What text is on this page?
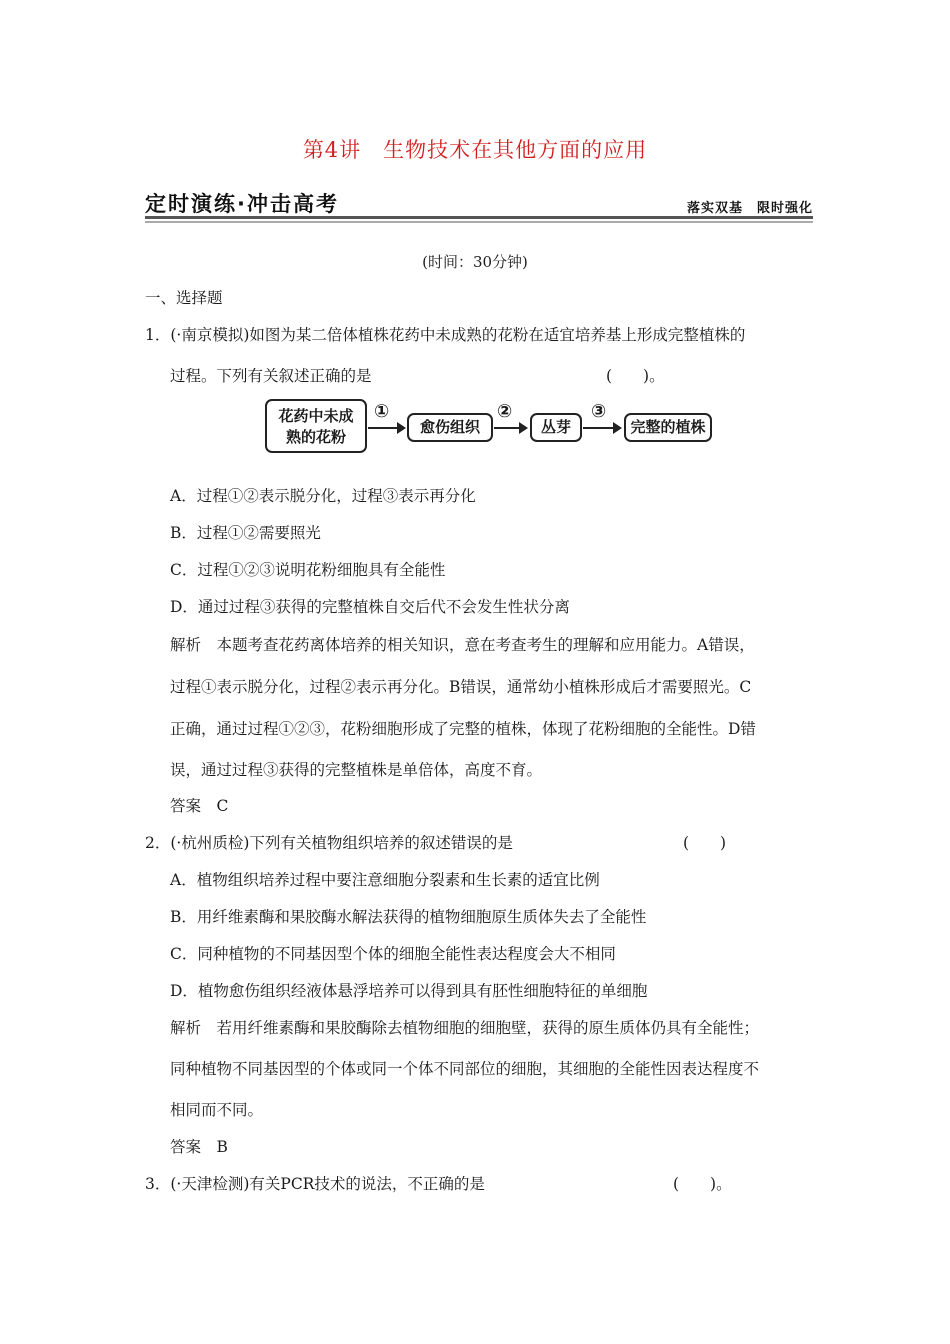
第4讲　生物技术在其他方面的应用
定时演练·冲击高考	落实双基　限时强化
(时间：30分钟)
一、选择题
1．(·南京模拟)如图为某二倍体植株花药中未成熟的花粉在适宜培养基上形成完整植株的
过程。下列有关叙述正确的是	(　　)。
花药中未成
熟的花粉
①
愈伤组织
②
丛芽
③
完整的植株
A．过程①②表示脱分化，过程③表示再分化
B．过程①②需要照光
C．过程①②③说明花粉细胞具有全能性
D．通过过程③获得的完整植株自交后代不会发生性状分离
解析　本题考查花药离体培养的相关知识，意在考查考生的理解和应用能力。A错误，
过程①表示脱分化，过程②表示再分化。B错误，通常幼小植株形成后才需要照光。C
正确，通过过程①②③，花粉细胞形成了完整的植株，体现了花粉细胞的全能性。D错
误，通过过程③获得的完整植株是单倍体，高度不育。
答案　C
2．(·杭州质检)下列有关植物组织培养的叙述错误的是	(　　)
A．植物组织培养过程中要注意细胞分裂素和生长素的适宜比例
B．用纤维素酶和果胶酶水解法获得的植物细胞原生质体失去了全能性
C．同种植物的不同基因型个体的细胞全能性表达程度会大不相同
D．植物愈伤组织经液体悬浮培养可以得到具有胚性细胞特征的单细胞
解析　若用纤维素酶和果胶酶除去植物细胞的细胞壁，获得的原生质体仍具有全能性；
同种植物不同基因型的个体或同一个体不同部位的细胞，其细胞的全能性因表达程度不
相同而不同。
答案　B
3．(·天津检测)有关PCR技术的说法，不正确的是	(　　)。
